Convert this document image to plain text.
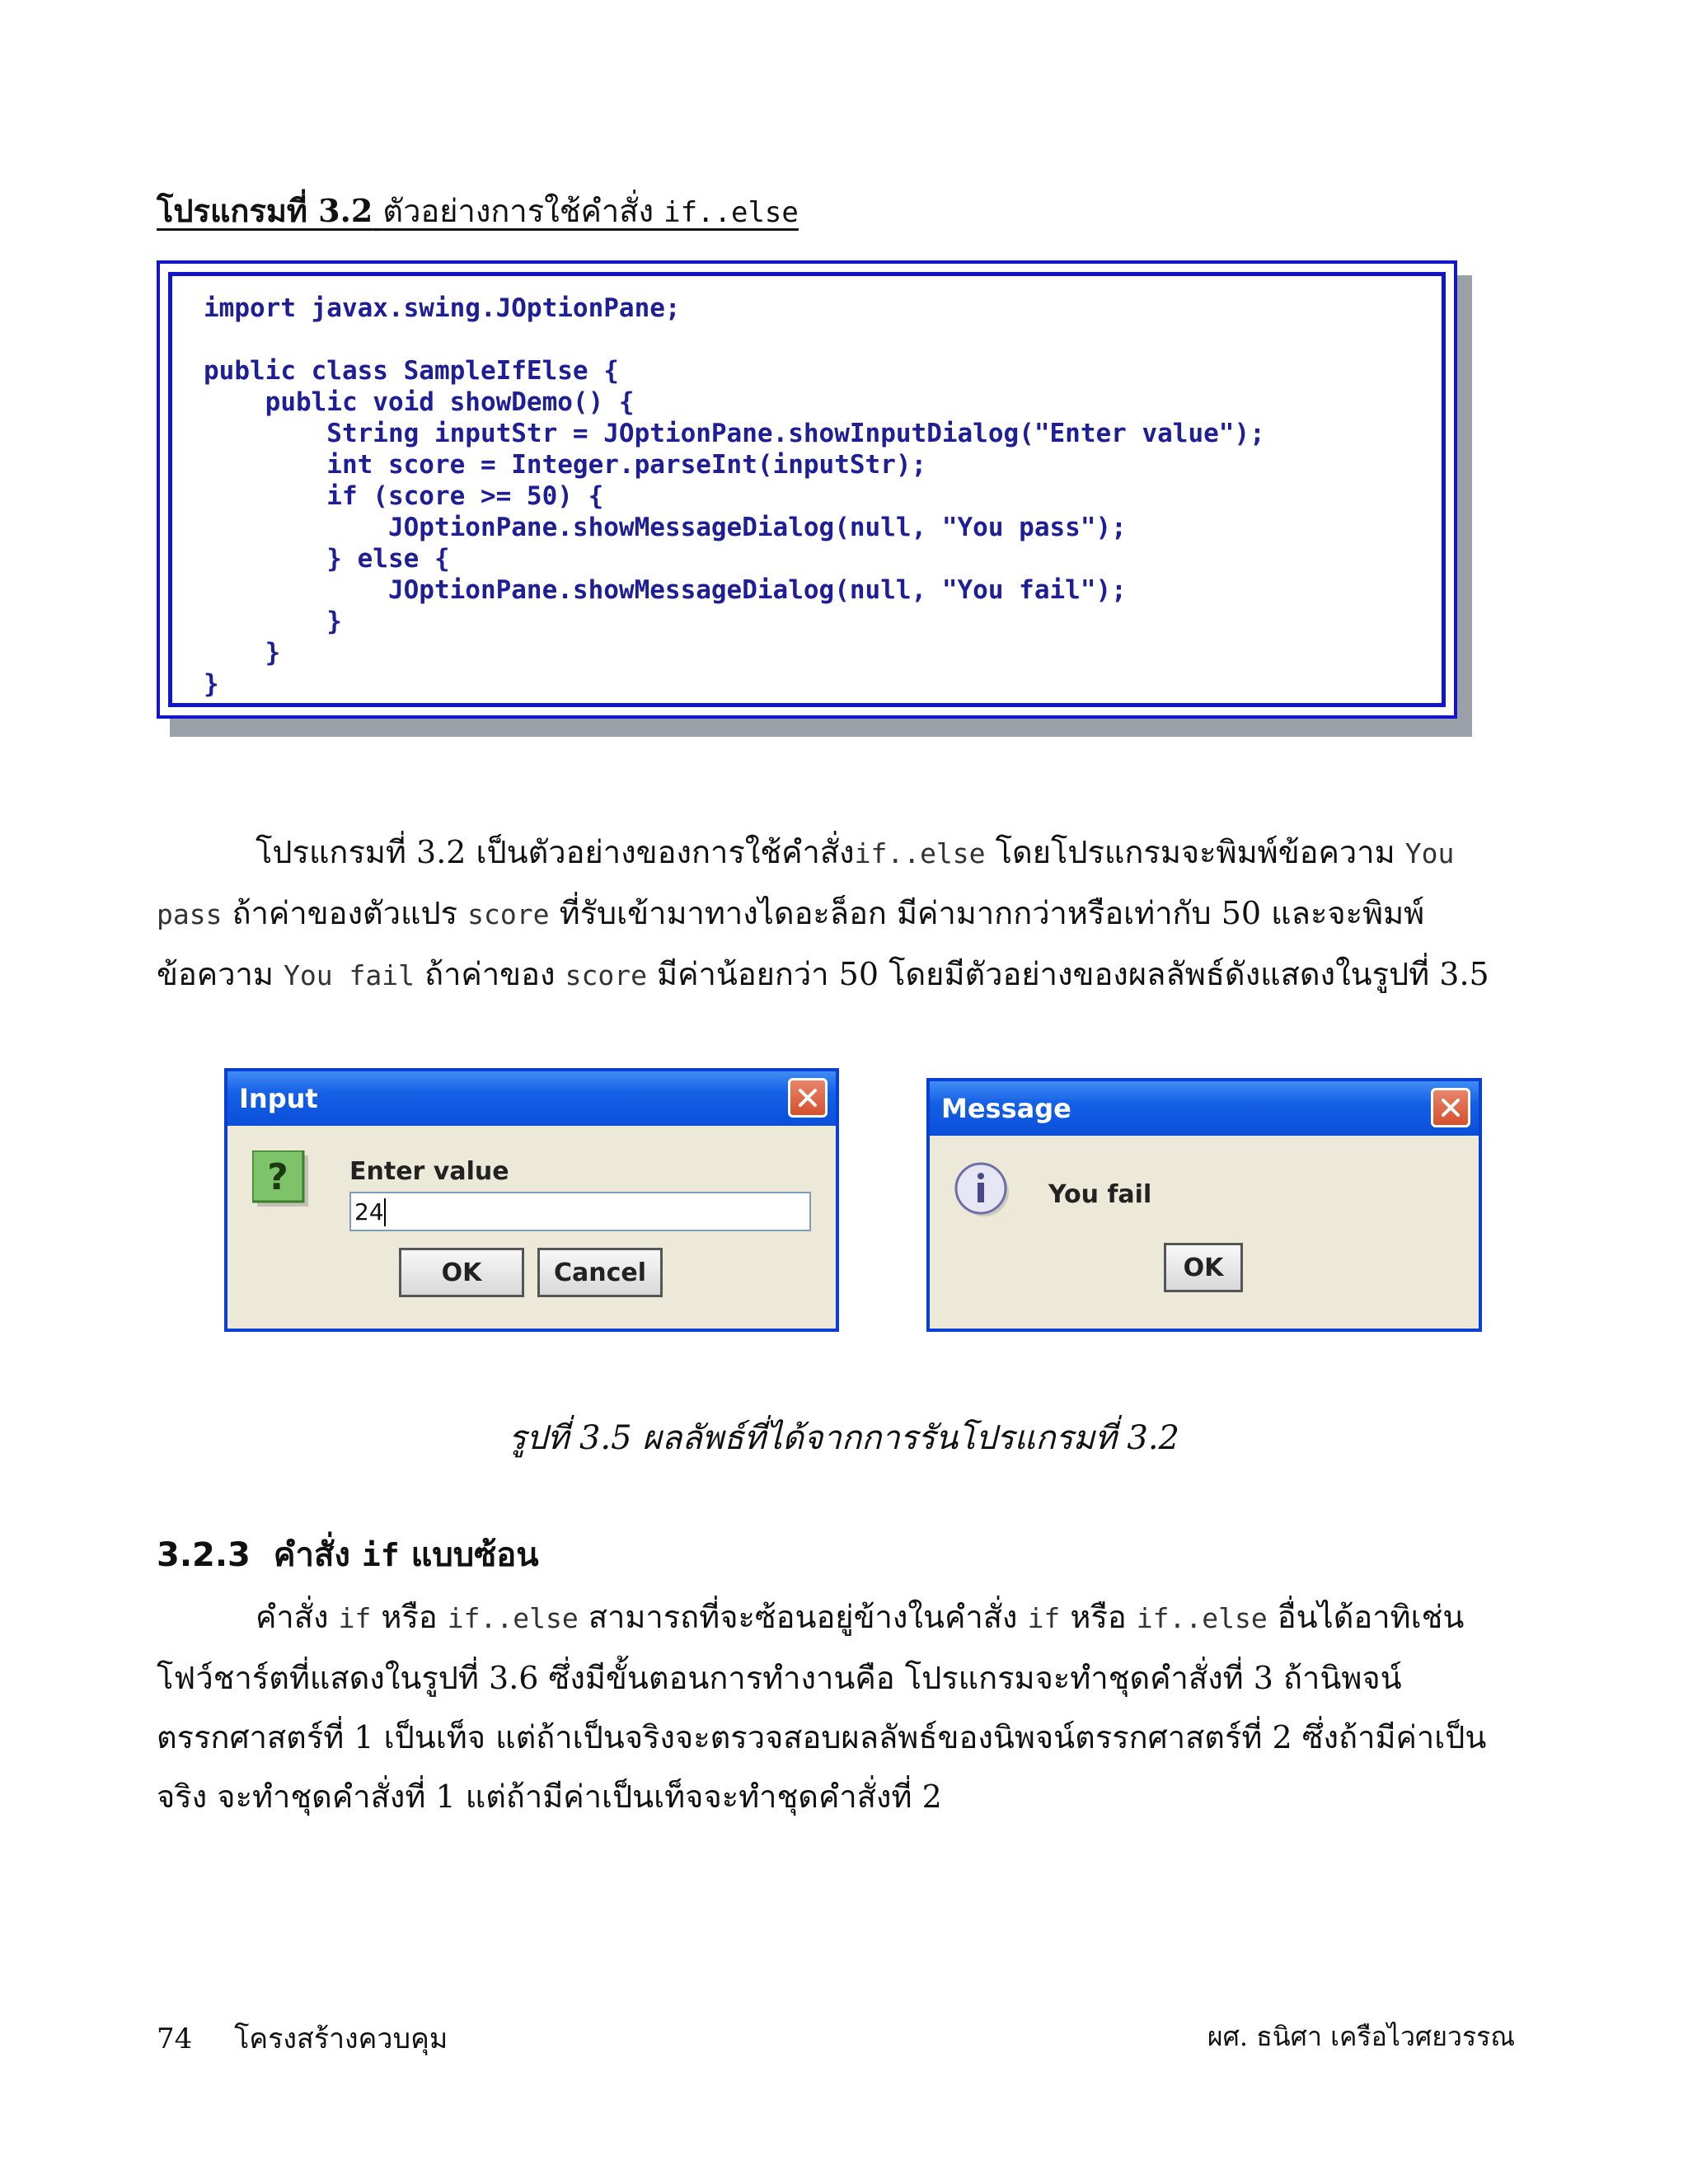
โปรแกรมที่ 3.2 ตัวอย่างการใช้คำสั่ง if..else
import javax.swing.JOptionPane;

public class SampleIfElse {
public void showDemo() {
String inputStr = JOptionPane.showInputDialog("Enter value");
int score = Integer.parseInt(inputStr);
if (score >= 50) {
JOptionPane.showMessageDialog(null, "You pass");
} else {
JOptionPane.showMessageDialog(null, "You fail");
}
}
}
โปรแกรมที่ 3.2 เป็นตัวอย่างของการใช้คำสั่งif..else โดยโปรแกรมจะพิมพ์ข้อความ You pass ถ้าค่าของตัวแปร score ที่รับเข้ามาทางไดอะล็อก มีค่ามากกว่าหรือเท่ากับ 50 และจะพิมพ์ข้อความ You fail ถ้าค่าของ score มีค่าน้อยกว่า 50 โดยมีตัวอย่างของผลลัพธ์ดังแสดงในรูปที่ 3.5
Input
? Enter value
24
OK	Cancel
Message
You fail
OK
รูปที่ 3.5 ผลลัพธ์ที่ได้จากการรันโปรแกรมที่ 3.2
3.2.3 คำสั่ง if แบบซ้อน
คำสั่ง if หรือ if..else สามารถที่จะซ้อนอยู่ข้างในคำสั่ง if หรือ if..else อื่นได้อาทิเช่น โฟว์ชาร์ตที่แสดงในรูปที่ 3.6 ซึ่งมีขั้นตอนการทำงานคือ โปรแกรมจะทำชุดคำสั่งที่ 3 ถ้านิพจน์ตรรกศาสตร์ที่ 1 เป็นเท็จ แต่ถ้าเป็นจริงจะตรวจสอบผลลัพธ์ของนิพจน์ตรรกศาสตร์ที่ 2 ซึ่งถ้ามีค่าเป็นจริง จะทำชุดคำสั่งที่ 1 แต่ถ้ามีค่าเป็นเท็จจะทำชุดคำสั่งที่ 2
74 โครงสร้างควบคุม	ผศ. ธนิศา เครือไวศยวรรณ
